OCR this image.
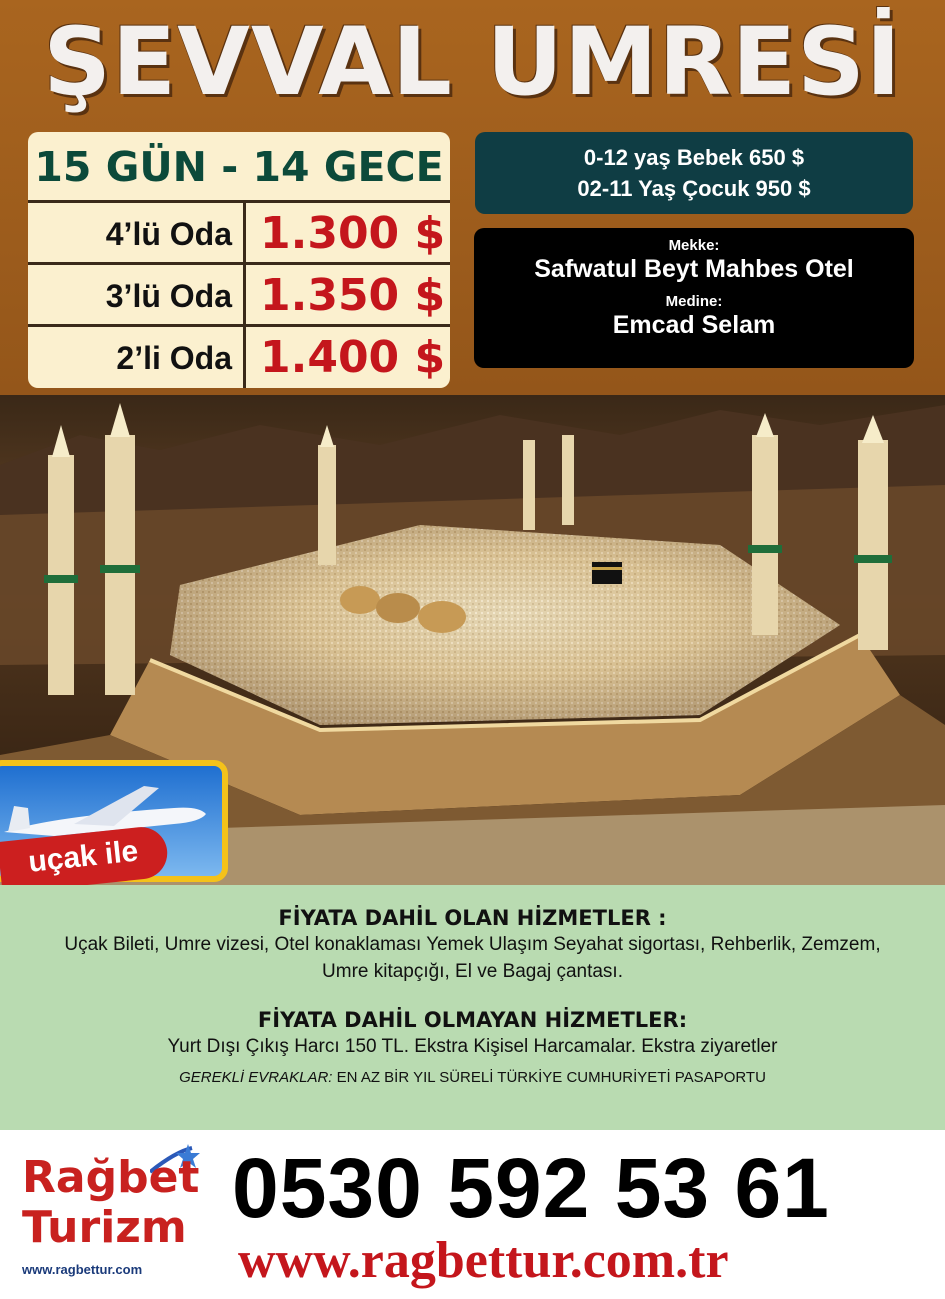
ŞEVVAL UMRESİ
15 GÜN - 14 GECE
4’lü Oda 1.300 $
3’lü Oda 1.350 $
2’li Oda 1.400 $
0-12 yaş Bebek 650 $
02-11 Yaş Çocuk 950 $
Mekke:
Safwatul Beyt Mahbes Otel
Medine:
Emcad Selam
uçak ile
FİYATA DAHİL OLAN HİZMETLER :
Uçak Bileti, Umre vizesi, Otel konaklaması Yemek Ulaşım Seyahat sigortası, Rehberlik, Zemzem,
Umre kitapçığı, El ve Bagaj çantası.
FİYATA DAHİL OLMAYAN HİZMETLER:
Yurt Dışı Çıkış Harcı 150 TL. Ekstra Kişisel Harcamalar. Ekstra ziyaretler
GEREKLİ EVRAKLAR: EN AZ BİR YIL SÜRELİ TÜRKİYE CUMHURİYETİ PASAPORTU
Rağbet
Turizm
www.ragbettur.com
0530 592 53 61
www.ragbettur.com.tr
